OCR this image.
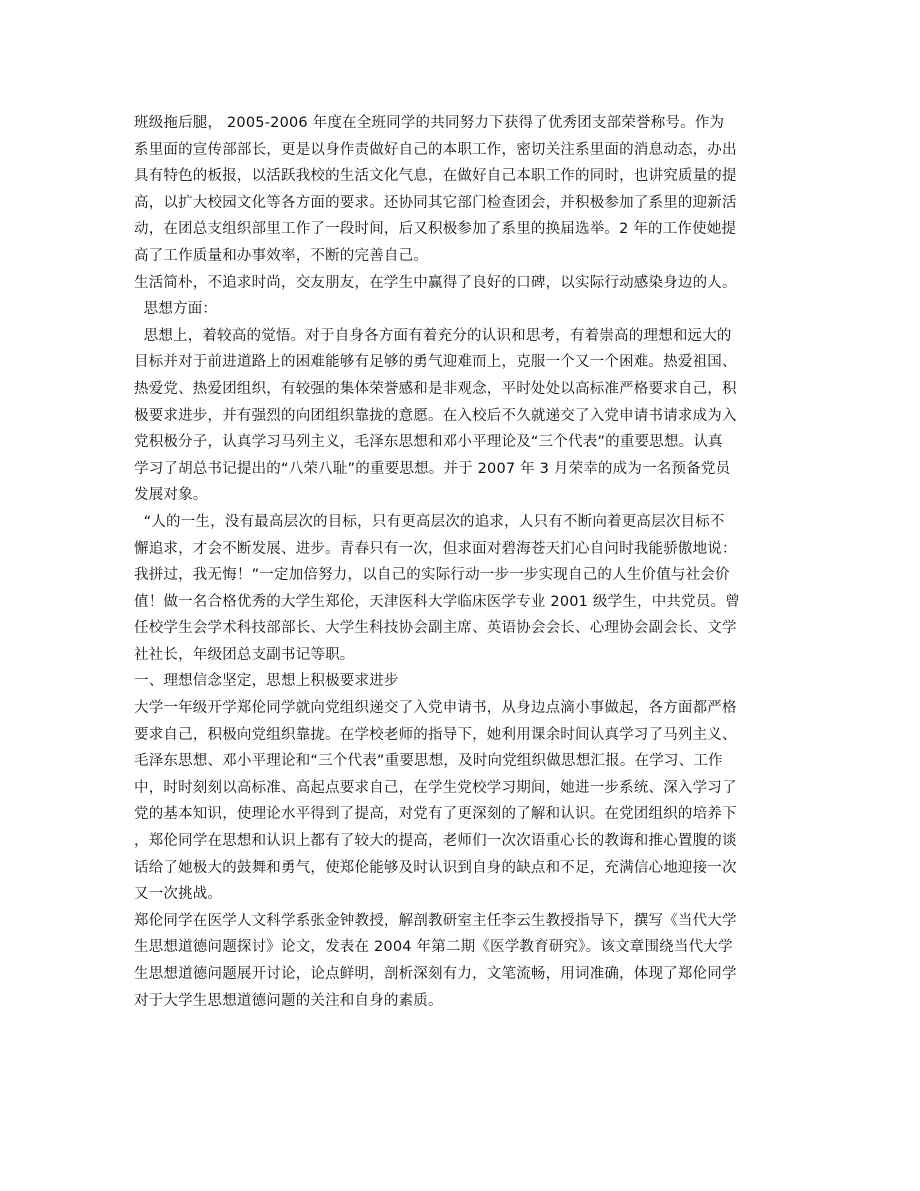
班级拖后腿， 2005-2006 年度在全班同学的共同努力下获得了优秀团支部荣誉称号。作为
系里面的宣传部部长，更是以身作责做好自己的本职工作，密切关注系里面的消息动态，办出
具有特色的板报，以活跃我校的生活文化气息，在做好自己本职工作的同时，也讲究质量的提
高，以扩大校园文化等各方面的要求。还协同其它部门检查团会，并积极参加了系里的迎新活
动，在团总支组织部里工作了一段时间，后又积极参加了系里的换届选举。2 年的工作使她提
高了工作质量和办事效率，不断的完善自己。
生活简朴，不追求时尚，交友朋友，在学生中赢得了良好的口碑，以实际行动感染身边的人。
思想方面：
思想上，着较高的觉悟。对于自身各方面有着充分的认识和思考，有着崇高的理想和远大的
目标并对于前进道路上的困难能够有足够的勇气迎难而上，克服一个又一个困难。热爱祖国、
热爱党、热爱团组织，有较强的集体荣誉感和是非观念，平时处处以高标准严格要求自己，积
极要求进步，并有强烈的向团组织靠拢的意愿。在入校后不久就递交了入党申请书请求成为入
党积极分子，认真学习马列主义，毛泽东思想和邓小平理论及“三个代表”的重要思想。认真
学习了胡总书记提出的“八荣八耻”的重要思想。并于 2007 年 3 月荣幸的成为一名预备党员
发展对象。
“人的一生，没有最高层次的目标，只有更高层次的追求，人只有不断向着更高层次目标不
懈追求，才会不断发展、进步。青春只有一次，但求面对碧海苍天扪心自问时我能骄傲地说：
我拼过，我无悔！”一定加倍努力，以自己的实际行动一步一步实现自己的人生价值与社会价
值！做一名合格优秀的大学生郑伦，天津医科大学临床医学专业 2001 级学生，中共党员。曾
任校学生会学术科技部部长、大学生科技协会副主席、英语协会会长、心理协会副会长、文学
社社长，年级团总支副书记等职。
一、理想信念坚定，思想上积极要求进步
大学一年级开学郑伦同学就向党组织递交了入党申请书，从身边点滴小事做起，各方面都严格
要求自己，积极向党组织靠拢。在学校老师的指导下，她利用课余时间认真学习了马列主义、
毛泽东思想、邓小平理论和“三个代表”重要思想，及时向党组织做思想汇报。在学习、工作
中，时时刻刻以高标准、高起点要求自己，在学生党校学习期间，她进一步系统、深入学习了
党的基本知识，使理论水平得到了提高，对党有了更深刻的了解和认识。在党团组织的培养下
，郑伦同学在思想和认识上都有了较大的提高，老师们一次次语重心长的教诲和推心置腹的谈
话给了她极大的鼓舞和勇气，使郑伦能够及时认识到自身的缺点和不足，充满信心地迎接一次
又一次挑战。
郑伦同学在医学人文科学系张金钟教授，解剖教研室主任李云生教授指导下，撰写《当代大学
生思想道德问题探讨》论文，发表在 2004 年第二期《医学教育研究》。该文章围绕当代大学
生思想道德问题展开讨论，论点鲜明，剖析深刻有力，文笔流畅，用词准确，体现了郑伦同学
对于大学生思想道德问题的关注和自身的素质。
